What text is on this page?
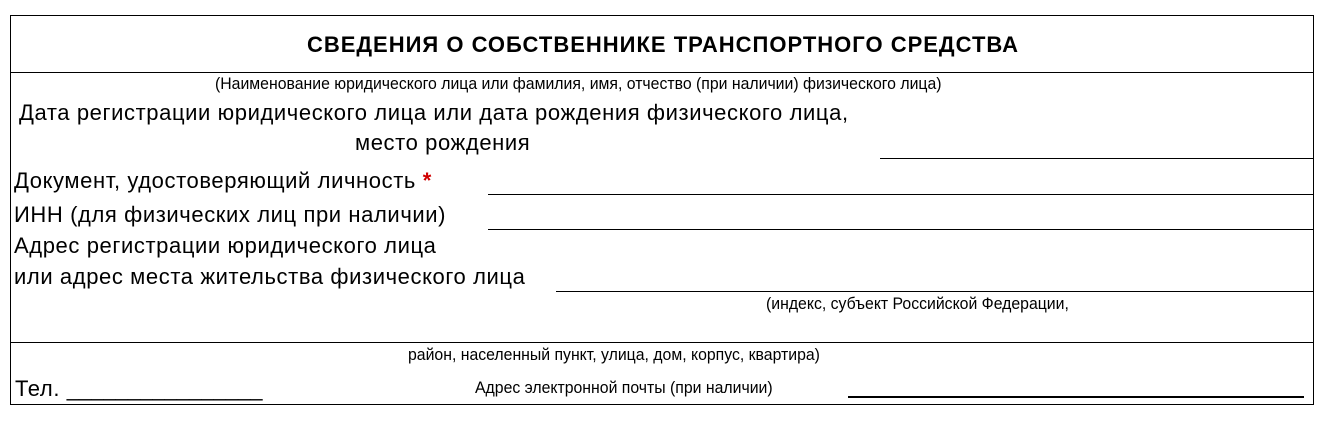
СВЕДЕНИЯ О СОБСТВЕННИКЕ ТРАНСПОРТНОГО СРЕДСТВА
(Наименование юридического лица или фамилия, имя, отчество (при наличии) физического лица)
Дата регистрации юридического лица или дата рождения физического лица,
место рождения
Документ, удостоверяющий личность *
ИНН (для физических лиц при наличии)
Адрес регистрации юридического лица
или адрес места жительства физического лица
(индекс, субъект Российской Федерации,
район, населенный пункт, улица, дом, корпус, квартира)
Тел. ________________	Адрес электронной почты (при наличии)
